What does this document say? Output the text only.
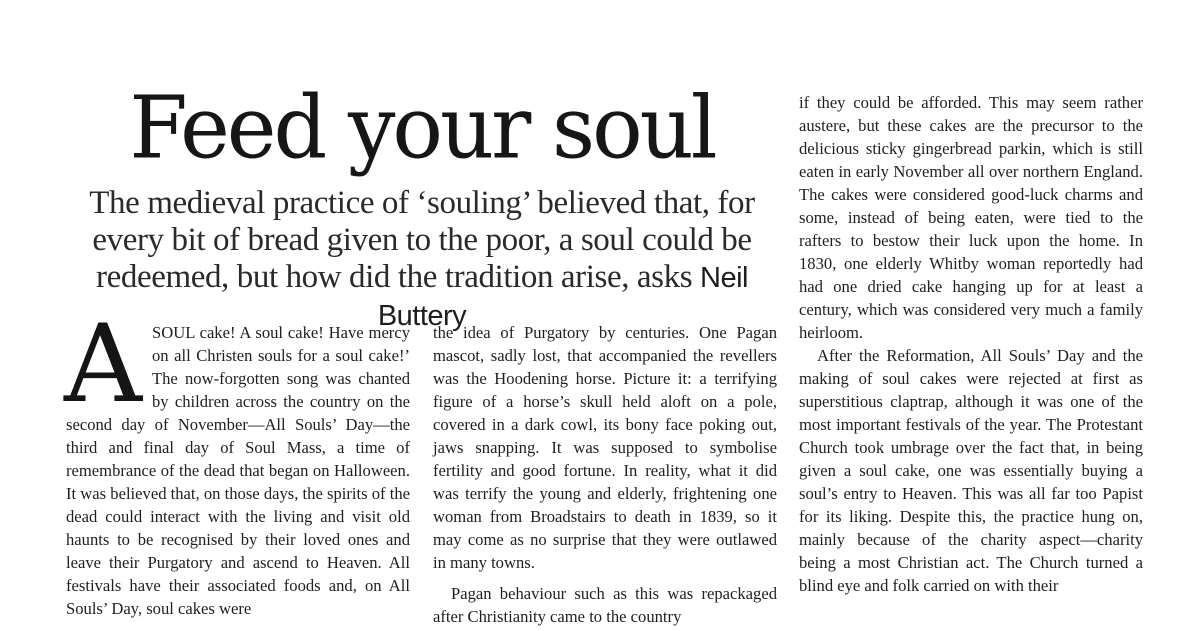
Feed your soul

The medieval practice of ‘souling’ believed that, for every bit of bread given to the poor, a soul could be redeemed, but how did the tradition arise, asks Neil Buttery

A SOUL cake! A soul cake! Have mercy on all Christen souls for a soul cake!’ The now-forgotten song was chanted by children across the country on the second day of November—All Souls’ Day—the third and final day of Soul Mass, a time of remembrance of the dead that began on Halloween. It was believed that, on those days, the spirits of the dead could interact with the living and visit old haunts to be recognised by their loved ones and leave their Purgatory and ascend to Heaven. All festivals have their associated foods and, on All Souls’ Day, soul cakes were

the idea of Purgatory by centuries. One Pagan mascot, sadly lost, that accompanied the revellers was the Hoodening horse. Picture it: a terrifying figure of a horse’s skull held aloft on a pole, covered in a dark cowl, its bony face poking out, jaws snapping. It was supposed to symbolise fertility and good fortune. In reality, what it did was terrify the young and elderly, frightening one woman from Broadstairs to death in 1839, so it may come as no surprise that they were outlawed in many towns.

Pagan behaviour such as this was repackaged after Christianity came to the country

if they could be afforded. This may seem rather austere, but these cakes are the precursor to the delicious sticky gingerbread parkin, which is still eaten in early November all over northern England. The cakes were considered good-luck charms and some, instead of being eaten, were tied to the rafters to bestow their luck upon the home. In 1830, one elderly Whitby woman reportedly had had one dried cake hanging up for at least a century, which was considered very much a family heirloom.

After the Reformation, All Souls’ Day and the making of soul cakes were rejected at first as superstitious claptrap, although it was one of the most important festivals of the year. The Protestant Church took umbrage over the fact that, in being given a soul cake, one was essentially buying a soul’s entry to Heaven. This was all far too Papist for its liking. Despite this, the practice hung on, mainly because of the charity aspect—charity being a most Christian act. The Church turned a blind eye and folk carried on with their
